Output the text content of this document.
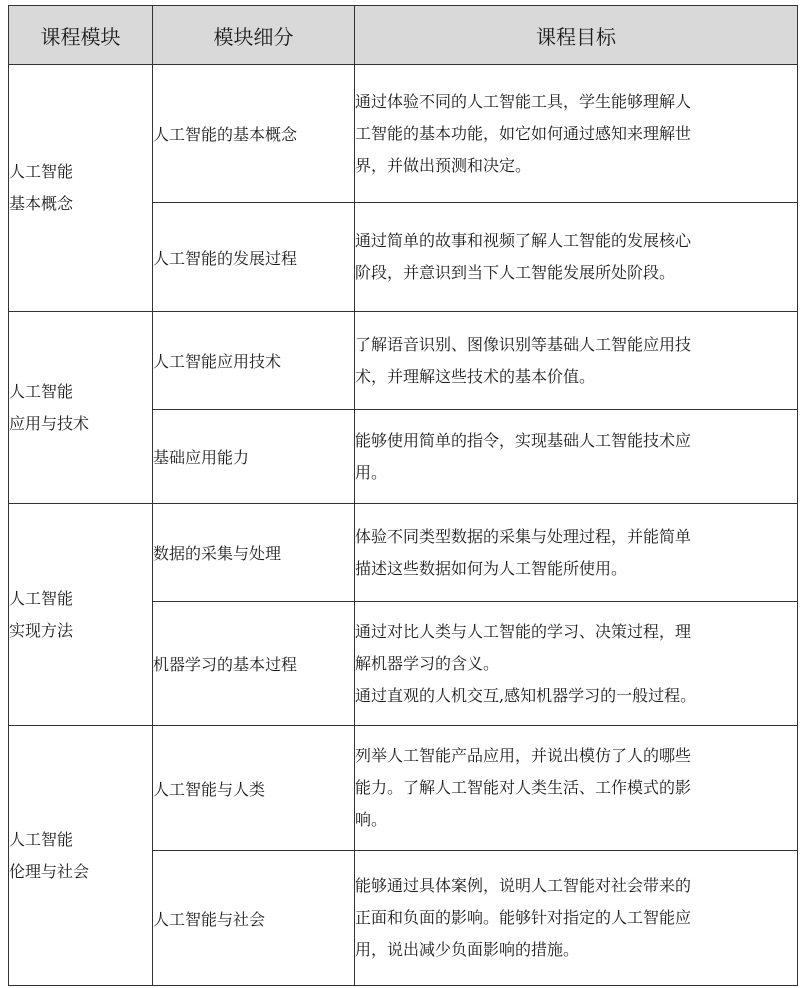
课程模块	模块细分	课程目标

人工智能
基本概念	人工智能的基本概念	通过体验不同的人工智能工具，学生能够理解人
工智能的基本功能，如它如何通过感知来理解世
界，并做出预测和决定。

	人工智能的发展过程	通过简单的故事和视频了解人工智能的发展核心
阶段，并意识到当下人工智能发展所处阶段。

人工智能
应用与技术	人工智能应用技术	了解语音识别、图像识别等基础人工智能应用技
术，并理解这些技术的基本价值。

	基础应用能力	能够使用简单的指令，实现基础人工智能技术应
用。

人工智能
实现方法	数据的采集与处理	体验不同类型数据的采集与处理过程，并能简单
描述这些数据如何为人工智能所使用。

	机器学习的基本过程	通过对比人类与人工智能的学习、决策过程，理
解机器学习的含义。
通过直观的人机交互,感知机器学习的一般过程。

人工智能
伦理与社会	人工智能与人类	列举人工智能产品应用，并说出模仿了人的哪些
能力。了解人工智能对人类生活、工作模式的影
响。

	人工智能与社会	能够通过具体案例，说明人工智能对社会带来的
正面和负面的影响。能够针对指定的人工智能应
用，说出减少负面影响的措施。
